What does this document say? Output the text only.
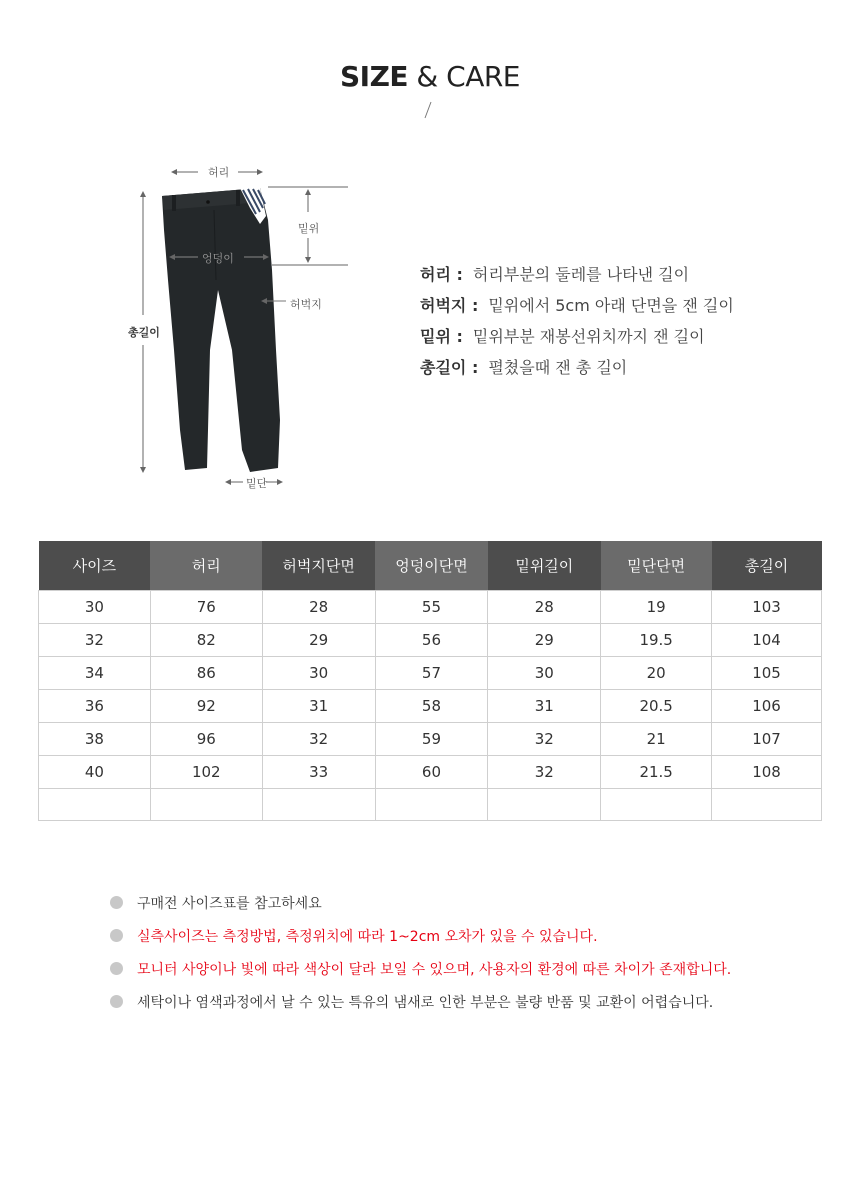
SIZE & CARE
허리
밑위
엉덩이
허벅지
총길이
밑단
허리 : 허리부분의 둘레를 나타낸 길이
허벅지 : 밑위에서 5cm 아래 단면을 잰 길이
밑위 : 밑위부분 재봉선위치까지 잰 길이
총길이 : 펼쳤을때 잰 총 길이
사이즈	허리	허벅지단면	엉덩이단면	밑위길이	밑단단면	총길이
30	76	28	55	28	19	103
32	82	29	56	29	19.5	104
34	86	30	57	30	20	105
36	92	31	58	31	20.5	106
38	96	32	59	32	21	107
40	102	33	60	32	21.5	108

구매전 사이즈표를 참고하세요
실측사이즈는 측정방법, 측정위치에 따라 1~2cm 오차가 있을 수 있습니다.
모니터 사양이나 빛에 따라 색상이 달라 보일 수 있으며, 사용자의 환경에 따른 차이가 존재합니다.
세탁이나 염색과정에서 날 수 있는 특유의 냄새로 인한 부분은 불량 반품 및 교환이 어렵습니다.
